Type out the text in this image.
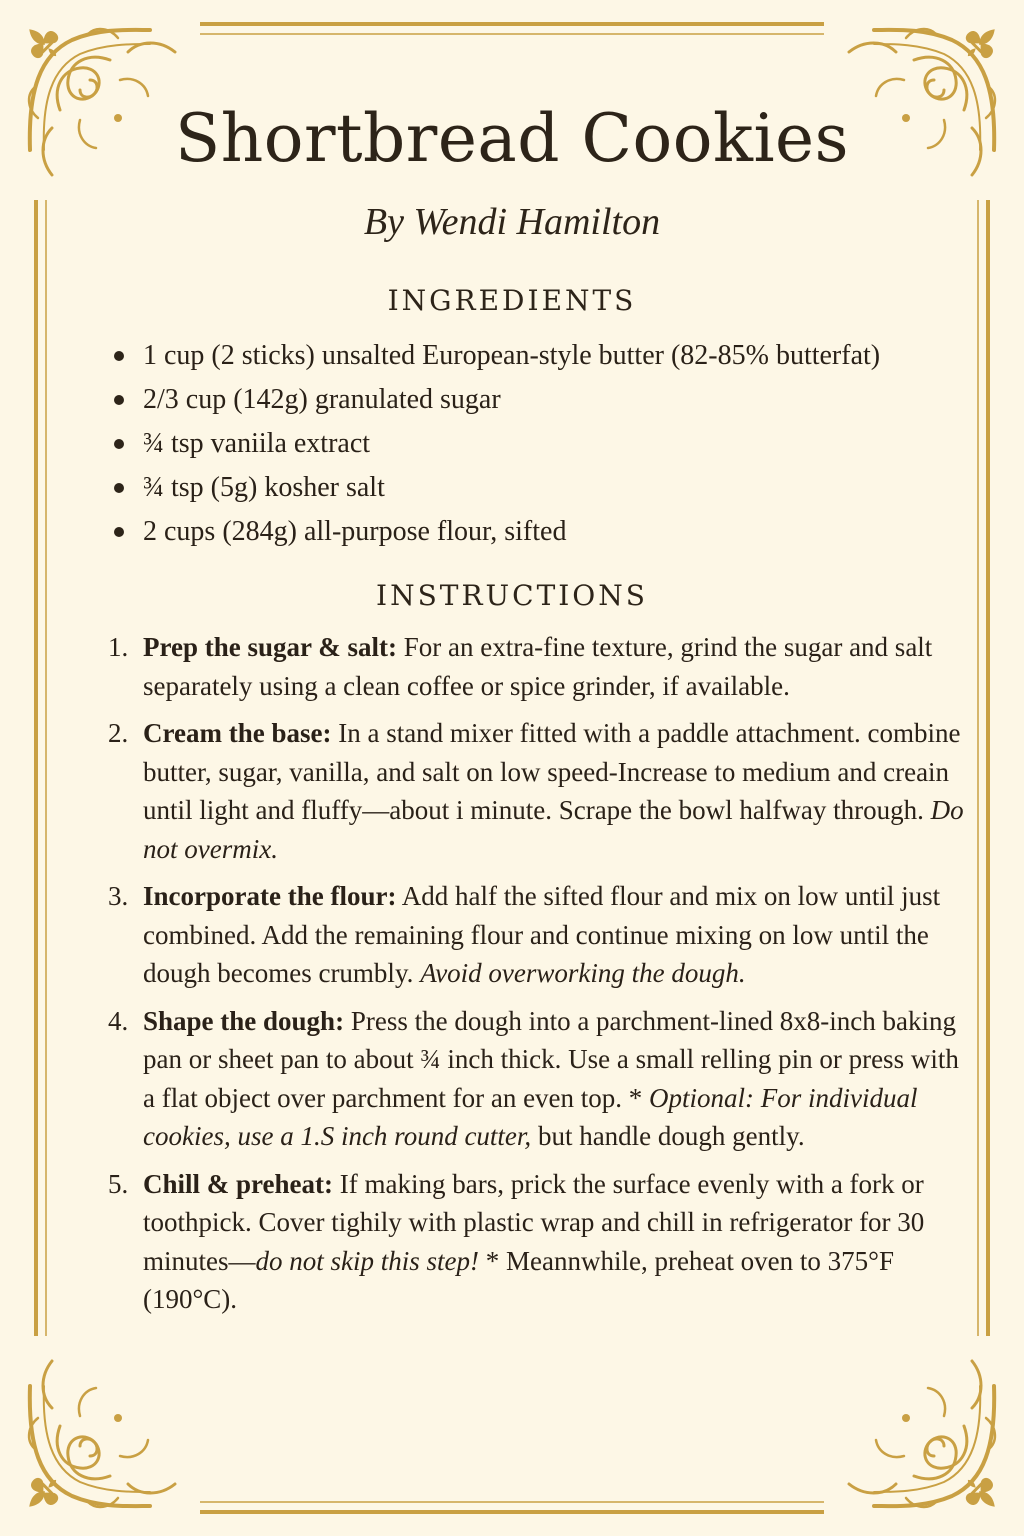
Shortbread Cookies
By Wendi Hamilton
INGREDIENTS
1 cup (2 sticks) unsalted European-style butter (82-85% butterfat)
2/3 cup (142g) granulated sugar
¾ tsp vaniila extract
¾ tsp (5g) kosher salt
2 cups (284g) all-purpose flour, sifted
INSTRUCTIONS
1. Prep the sugar & salt: For an extra-fine texture, grind the sugar and salt separately using a clean coffee or spice grinder, if available.
2. Cream the base: In a stand mixer fitted with a paddle attachment. combine butter, sugar, vanilla, and salt on low speed-Increase to medium and creain until light and fluffy—about i minute. Scrape the bowl halfway through. Do not overmix.
3. Incorporate the flour: Add half the sifted flour and mix on low until just combined. Add the remaining flour and continue mixing on low until the dough becomes crumbly. Avoid overworking the dough.
4. Shape the dough: Press the dough into a parchment-lined 8x8-inch baking pan or sheet pan to about ¾ inch thick. Use a small relling pin or press with a flat object over parchment for an even top. * Optional: For individual cookies, use a 1.S inch round cutter, but handle dough gently.
5. Chill & preheat: If making bars, prick the surface evenly with a fork or toothpick. Cover tighily with plastic wrap and chill in refrigerator for 30 minutes—do not skip this step! * Meannwhile, preheat oven to 375°F (190°C).
